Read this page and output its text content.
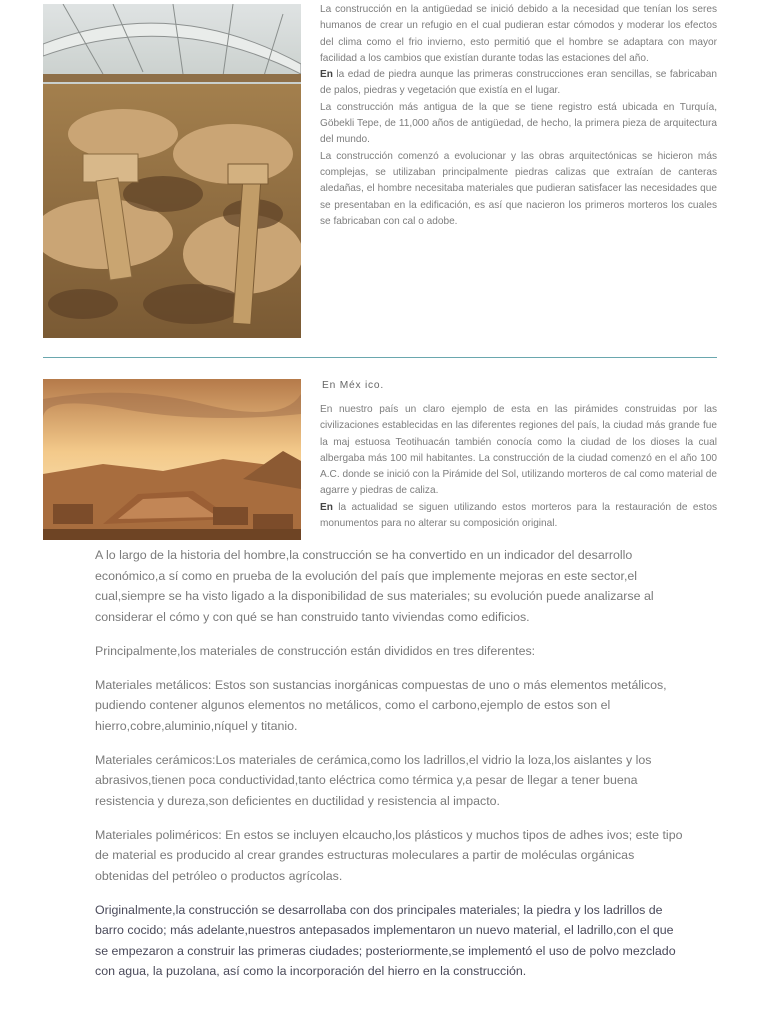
La construcción en la antigüedad se inició debido a la necesidad que tenían los seres humanos de crear un refugio en el cual pudieran estar cómodos y moderar los efectos del clima como el frio invierno, esto permitió que el hombre se adaptara con mayor facilidad a los cambios que existían durante todas las estaciones del año.

En la edad de piedra aunque las primeras construcciones eran sencillas, se fabricaban de palos, piedras y vegetación que existía en el lugar.

La construcción más antigua de la que se tiene registro está ubicada en Turquía, Göbekli Tepe, de 11,000 años de antigüedad, de hecho, la primera pieza de arquitectura del mundo.

La construcción comenzó a evolucionar y las obras arquitectónicas se hicieron más complejas, se utilizaban principalmente piedras calizas que extraían de canteras aledañas, el hombre necesitaba materiales que pudieran satisfacer las necesidades que se presentaban en la edificación, es así que nacieron los primeros morteros los cuales se fabricaban con cal o adobe.

En Méx ico.

En nuestro país un claro ejemplo de esta en las pirámides construidas por las civilizaciones establecidas en las diferentes regiones del país, la ciudad más grande fue la maj estuosa Teotihuacán también conocía como la ciudad de los dioses la cual albergaba más 100 mil habitantes. La construcción de la ciudad comenzó en el año 100 A.C. donde se inició con la Pirámide del Sol, utilizando morteros de cal como material de agarre y piedras de caliza.

En la actualidad se siguen utilizando estos morteros para la restauración de estos monumentos para no alterar su composición original.

A lo largo de la historia del hombre,la construcción se ha convertido en un indicador del desarrollo económico,a sí como en prueba de la evolución del país que implemente mejoras en este sector,el cual,siempre se ha visto ligado a la disponibilidad de sus materiales; su evolución puede analizarse al considerar el cómo y con qué se han construido tanto viviendas como edificios.

Principalmente,los materiales de construcción están divididos en tres diferentes:

Materiales metálicos: Estos son sustancias inorgánicas compuestas de uno o más elementos metálicos, pudiendo contener algunos elementos no metálicos, como el carbono,ejemplo de estos son el hierro,cobre,aluminio,níquel y titanio.

Materiales cerámicos:Los materiales de cerámica,como los ladrillos,el vidrio la loza,los aislantes y los abrasivos,tienen poca conductividad,tanto eléctrica como térmica y,a pesar de llegar a tener buena resistencia y dureza,son deficientes en ductilidad y resistencia al impacto.

Materiales poliméricos: En estos se incluyen elcaucho,los plásticos y muchos tipos de adhes ivos; este tipo de material es producido al crear grandes estructuras moleculares a partir de moléculas orgánicas obtenidas del petróleo o productos agrícolas.

Originalmente,la construcción se desarrollaba con dos principales materiales; la piedra y los ladrillos de barro cocido; más adelante,nuestros antepasados implementaron un nuevo material, el ladrillo,con el que se empezaron a construir las primeras ciudades; posteriormente,se implementó el uso de polvo mezclado con agua, la puzolana, así como la incorporación del hierro en la construcción.
